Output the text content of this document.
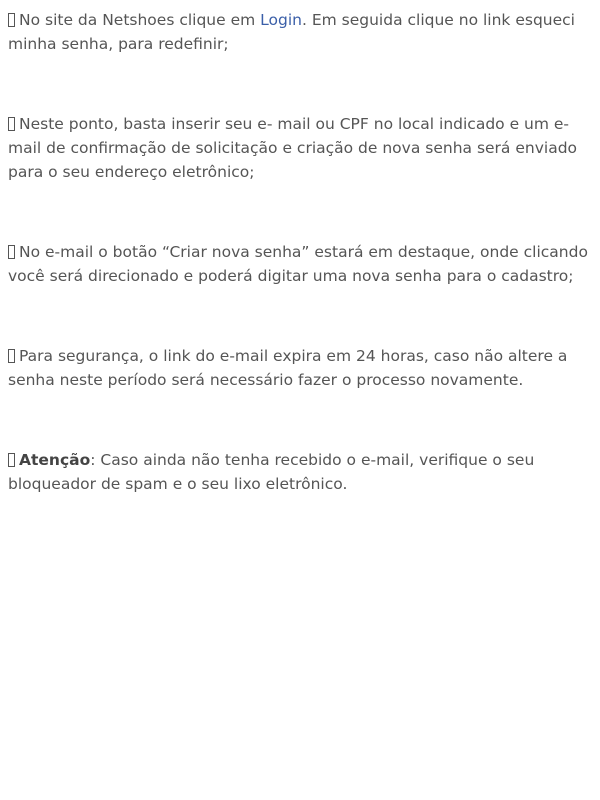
No site da Netshoes clique em Login. Em seguida clique no link esqueci minha senha, para redefinir;

Neste ponto, basta inserir seu e- mail ou CPF no local indicado e um e-mail de confirmação de solicitação e criação de nova senha será enviado para o seu endereço eletrônico;

No e-mail o botão “Criar nova senha” estará em destaque, onde clicando você será direcionado e poderá digitar uma nova senha para o cadastro;

Para segurança, o link do e-mail expira em 24 horas, caso não altere a senha neste período será necessário fazer o processo novamente.

Atenção: Caso ainda não tenha recebido o e-mail, verifique o seu bloqueador de spam e o seu lixo eletrônico.
